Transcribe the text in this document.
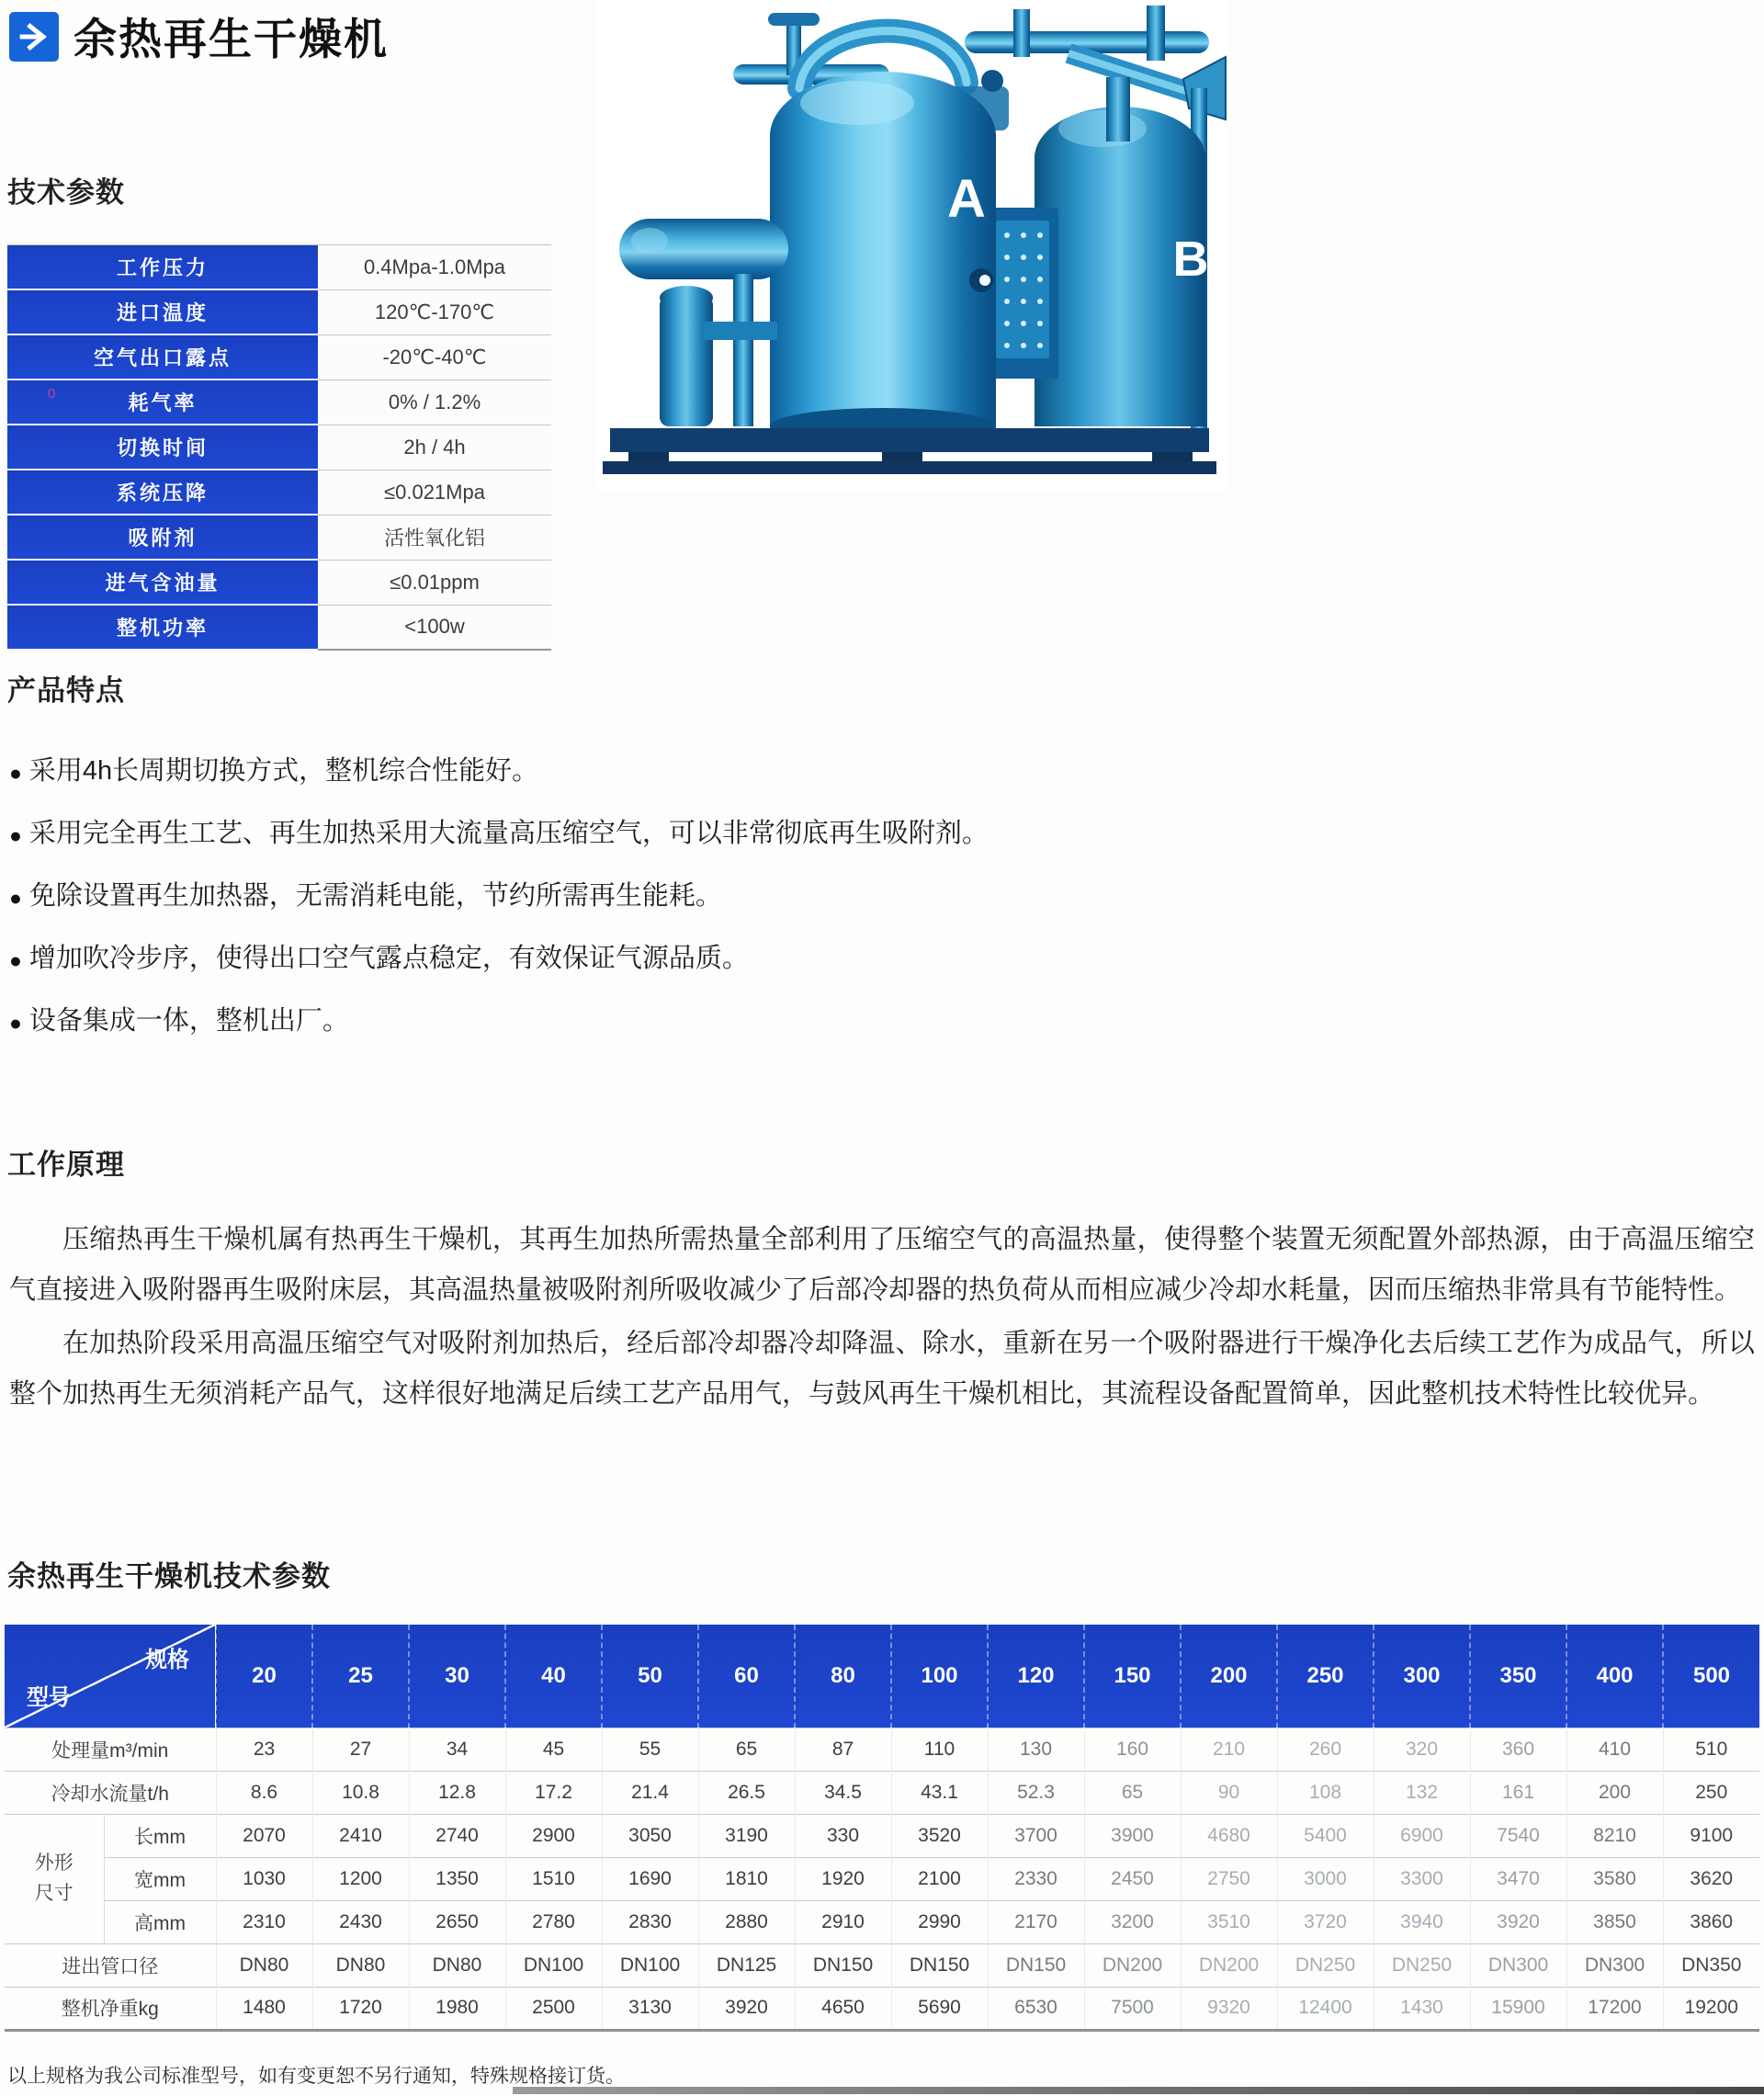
余热再生干燥机
技术参数
工作压力	0.4Mpa-1.0Mpa
进口温度	120℃-170℃
空气出口露点	-20℃-40℃
耗气率	0% / 1.2%
切换时间	2h / 4h
系统压降	≤0.021Mpa
吸附剂	活性氧化铝
进气含油量	≤0.01ppm
整机功率	<100w
0
B
A
产品特点
● 采用4h长周期切换方式，整机综合性能好。
● 采用完全再生工艺、再生加热采用大流量高压缩空气，可以非常彻底再生吸附剂。
● 免除设置再生加热器，无需消耗电能，节约所需再生能耗。
● 增加吹冷步序，使得出口空气露点稳定，有效保证气源品质。
● 设备集成一体，整机出厂。
工作原理

压缩热再生干燥机属有热再生干燥机，其再生加热所需热量全部利用了压缩空气的高温热量，使得整个装置无须配置外部热源，由于高温压缩空气直接进入吸附器再生吸附床层，其高温热量被吸附剂所吸收减少了后部冷却器的热负荷从而相应减少冷却水耗量，因而压缩热非常具有节能特性。

在加热阶段采用高温压缩空气对吸附剂加热后，经后部冷却器冷却降温、除水，重新在另一个吸附器进行干燥净化去后续工艺作为成品气，所以整个加热再生无须消耗产品气，这样很好地满足后续工艺产品用气，与鼓风再生干燥机相比，其流程设备配置简单，因此整机技术特性比较优异。

余热再生干燥机技术参数
规格
型号		20	25	30	40	50	60	80	100	120	150	200	250	300	350	400	500
处理量m³/min		23	27	34	45	55	65	87	110	130	160	210	260	320	360	410	510
冷却水流量t/h		8.6	10.8	12.8	17.2	21.4	26.5	34.5	43.1	52.3	65	90	108	132	161	200	250
外形尺寸	长mm	2070	2410	2740	2900	3050	3190	330	3520	3700	3900	4680	5400	6900	7540	8210	9100
	宽mm	1030	1200	1350	1510	1690	1810	1920	2100	2330	2450	2750	3000	3300	3470	3580	3620
	高mm	2310	2430	2650	2780	2830	2880	2910	2990	2170	3200	3510	3720	3940	3920	3850	3860
进出管口径		DN80	DN80	DN80	DN100	DN100	DN125	DN150	DN150	DN150	DN200	DN200	DN250	DN250	DN300	DN300	DN350
整机净重kg		1480	1720	1980	2500	3130	3920	4650	5690	6530	7500	9320	12400	1430	15900	17200	19200

以上规格为我公司标准型号，如有变更恕不另行通知，特殊规格接订货。
